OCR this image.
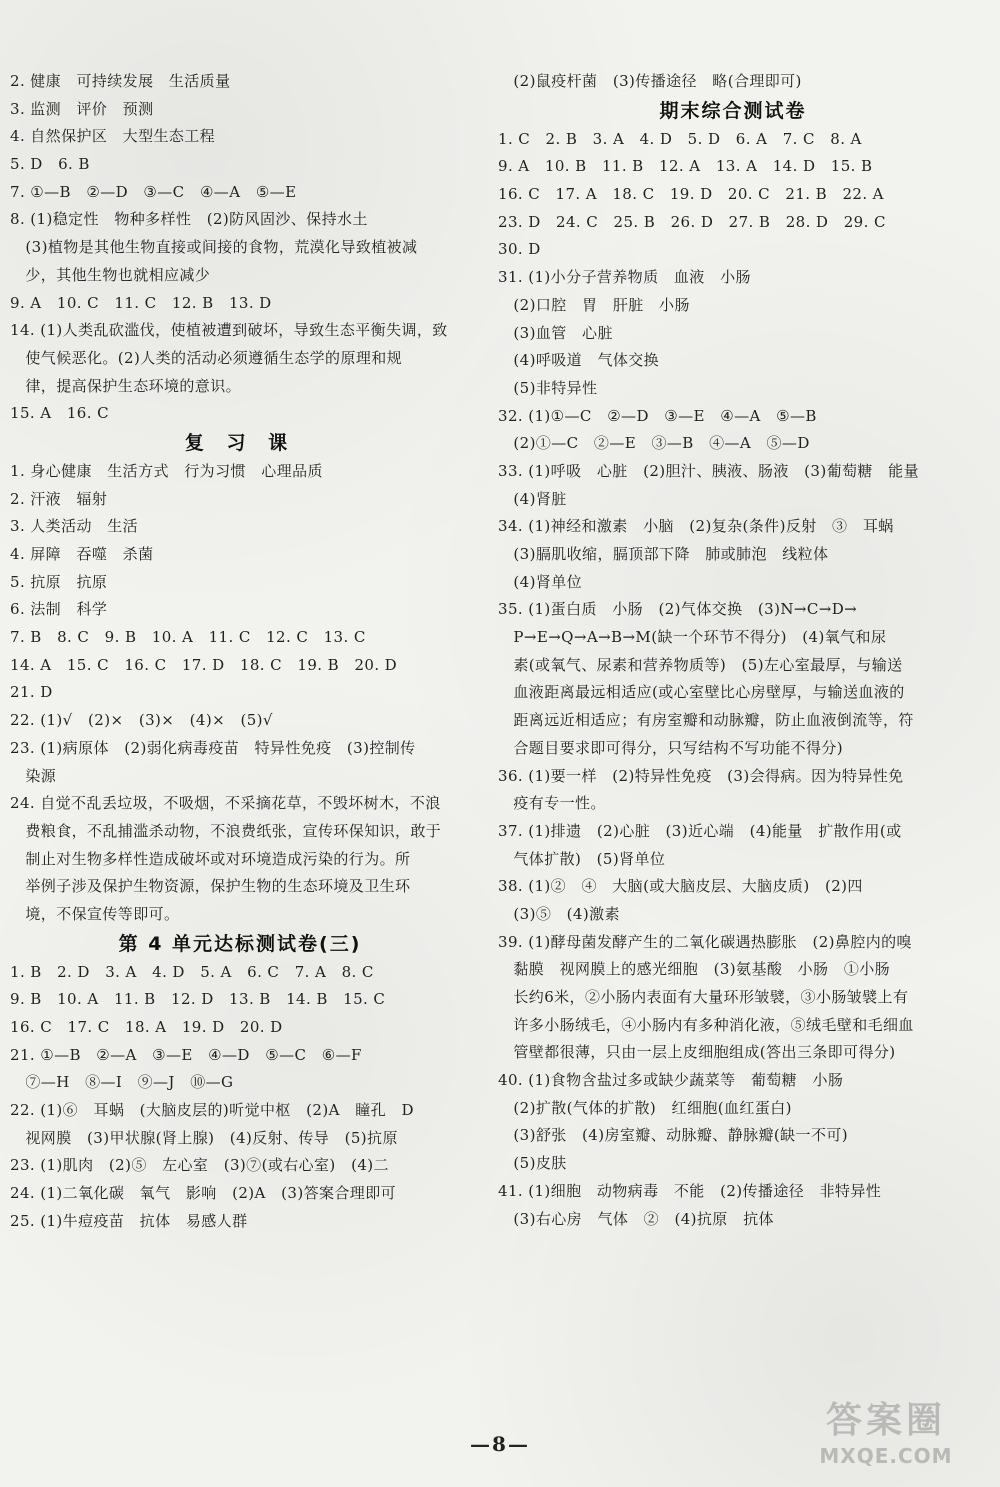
2. 健康　可持续发展　生活质量
3. 监测　评价　预测
4. 自然保护区　大型生态工程
5. D　6. B
7. ①—B　②—D　③—C　④—A　⑤—E
8. (1)稳定性　物种多样性　(2)防风固沙、保持水土
　(3)植物是其他生物直接或间接的食物，荒漠化导致植被减
　少，其他生物也就相应减少
9. A　10. C　11. C　12. B　13. D
14. (1)人类乱砍滥伐，使植被遭到破坏，导致生态平衡失调，致
　使气候恶化。(2)人类的活动必须遵循生态学的原理和规
　律，提高保护生态环境的意识。
15. A　16. C
复 习 课
1. 身心健康　生活方式　行为习惯　心理品质
2. 汗液　辐射
3. 人类活动　生活
4. 屏障　吞噬　杀菌
5. 抗原　抗原
6. 法制　科学
7. B　8. C　9. B　10. A　11. C　12. C　13. C
14. A　15. C　16. C　17. D　18. C　19. B　20. D
21. D
22. (1)√　(2)×　(3)×　(4)×　(5)√
23. (1)病原体　(2)弱化病毒疫苗　特异性免疫　(3)控制传
　染源
24. 自觉不乱丢垃圾，不吸烟，不采摘花草，不毁坏树木，不浪
　费粮食，不乱捕滥杀动物，不浪费纸张，宣传环保知识，敢于
　制止对生物多样性造成破坏或对环境造成污染的行为。所
　举例子涉及保护生物资源，保护生物的生态环境及卫生环
　境，不保宣传等即可。
第 4 单元达标测试卷(三)
1. B　2. D　3. A　4. D　5. A　6. C　7. A　8. C
9. B　10. A　11. B　12. D　13. B　14. B　15. C
16. C　17. C　18. A　19. D　20. D
21. ①—B　②—A　③—E　④—D　⑤—C　⑥—F
　⑦—H　⑧—I　⑨—J　⑩—G
22. (1)⑥　耳蜗　(大脑皮层的)听觉中枢　(2)A　瞳孔　D
　视网膜　(3)甲状腺(肾上腺)　(4)反射、传导　(5)抗原
23. (1)肌肉　(2)⑤　左心室　(3)⑦(或右心室)　(4)二
24. (1)二氧化碳　氧气　影响　(2)A　(3)答案合理即可
25. (1)牛痘疫苗　抗体　易感人群
　(2)鼠疫杆菌　(3)传播途径　略(合理即可)
期末综合测试卷
1. C　2. B　3. A　4. D　5. D　6. A　7. C　8. A
9. A　10. B　11. B　12. A　13. A　14. D　15. B
16. C　17. A　18. C　19. D　20. C　21. B　22. A
23. D　24. C　25. B　26. D　27. B　28. D　29. C
30. D
31. (1)小分子营养物质　血液　小肠
　(2)口腔　胃　肝脏　小肠
　(3)血管　心脏
　(4)呼吸道　气体交换
　(5)非特异性
32. (1)①—C　②—D　③—E　④—A　⑤—B
　(2)①—C　②—E　③—B　④—A　⑤—D
33. (1)呼吸　心脏　(2)胆汁、胰液、肠液　(3)葡萄糖　能量
　(4)肾脏
34. (1)神经和激素　小脑　(2)复杂(条件)反射　③　耳蜗
　(3)膈肌收缩，膈顶部下降　肺或肺泡　线粒体
　(4)肾单位
35. (1)蛋白质　小肠　(2)气体交换　(3)N→C→D→
　P→E→Q→A→B→M(缺一个环节不得分)　(4)氧气和尿
　素(或氧气、尿素和营养物质等)　(5)左心室最厚，与输送
　血液距离最远相适应(或心室壁比心房壁厚，与输送血液的
　距离远近相适应；有房室瓣和动脉瓣，防止血液倒流等，符
　合题目要求即可得分，只写结构不写功能不得分)
36. (1)要一样　(2)特异性免疫　(3)会得病。因为特异性免
　疫有专一性。
37. (1)排遗　(2)心脏　(3)近心端　(4)能量　扩散作用(或
　气体扩散)　(5)肾单位
38. (1)②　④　大脑(或大脑皮层、大脑皮质)　(2)四
　(3)⑤　(4)激素
39. (1)酵母菌发酵产生的二氧化碳遇热膨胀　(2)鼻腔内的嗅
　黏膜　视网膜上的感光细胞　(3)氨基酸　小肠　①小肠
　长约6米，②小肠内表面有大量环形皱襞，③小肠皱襞上有
　许多小肠绒毛，④小肠内有多种消化液，⑤绒毛壁和毛细血
　管壁都很薄，只由一层上皮细胞组成(答出三条即可得分)
40. (1)食物含盐过多或缺少蔬菜等　葡萄糖　小肠
　(2)扩散(气体的扩散)　红细胞(血红蛋白)
　(3)舒张　(4)房室瓣、动脉瓣、静脉瓣(缺一不可)
　(5)皮肤
41. (1)细胞　动物病毒　不能　(2)传播途径　非特异性
　(3)右心房　气体　②　(4)抗原　抗体
—8—
答案圈
MXQE.COM
